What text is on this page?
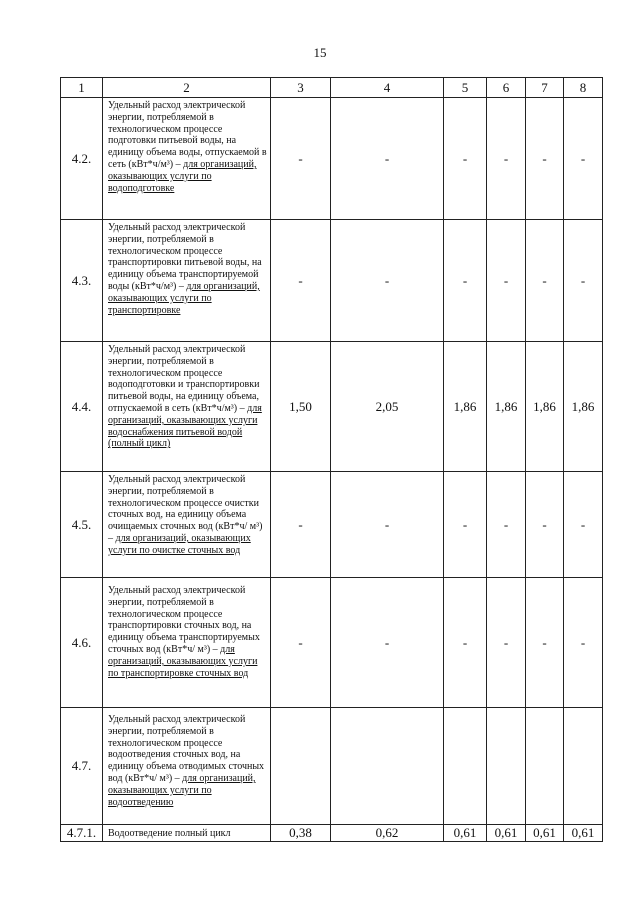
15
1	2	3	4	5	6	7	8
4.2.	Удельный расход электрической энергии, потребляемой в технологическом процессе подготовки питьевой воды, на единицу объема воды, отпускаемой в сеть (кВт*ч/м³) – для организаций, оказывающих услуги по водоподготовке	-	-	-	-	-	-
4.3.	Удельный расход электрической энергии, потребляемой в технологическом процессе транспортировки питьевой воды, на единицу объема транспортируемой воды (кВт*ч/м³) – для организаций, оказывающих услуги по транспортировке	-	-	-	-	-	-
4.4.	Удельный расход электрической энергии, потребляемой в технологическом процессе водоподготовки и транспортировки питьевой воды, на единицу объема, отпускаемой в сеть (кВт*ч/м³) – для организаций, оказывающих услуги водоснабжения питьевой водой (полный цикл)	1,50	2,05	1,86	1,86	1,86	1,86
4.5.	Удельный расход электрической энергии, потребляемой в технологическом процессе очистки сточных вод, на единицу объема очищаемых сточных вод (кВт*ч/ м³) – для организаций, оказывающих услуги по очистке сточных вод	-	-	-	-	-	-
4.6.	Удельный расход электрической энергии, потребляемой в технологическом процессе транспортировки сточных вод, на единицу объема транспортируемых сточных вод (кВт*ч/ м³) – для организаций, оказывающих услуги по транспортировке сточных вод	-	-	-	-	-	-
4.7.	Удельный расход электрической энергии, потребляемой в технологическом процессе водоотведения сточных вод, на единицу объема отводимых сточных вод (кВт*ч/ м³) – для организаций, оказывающих услуги по водоотведению						
4.7.1.	Водоотведение полный цикл	0,38	0,62	0,61	0,61	0,61	0,61
